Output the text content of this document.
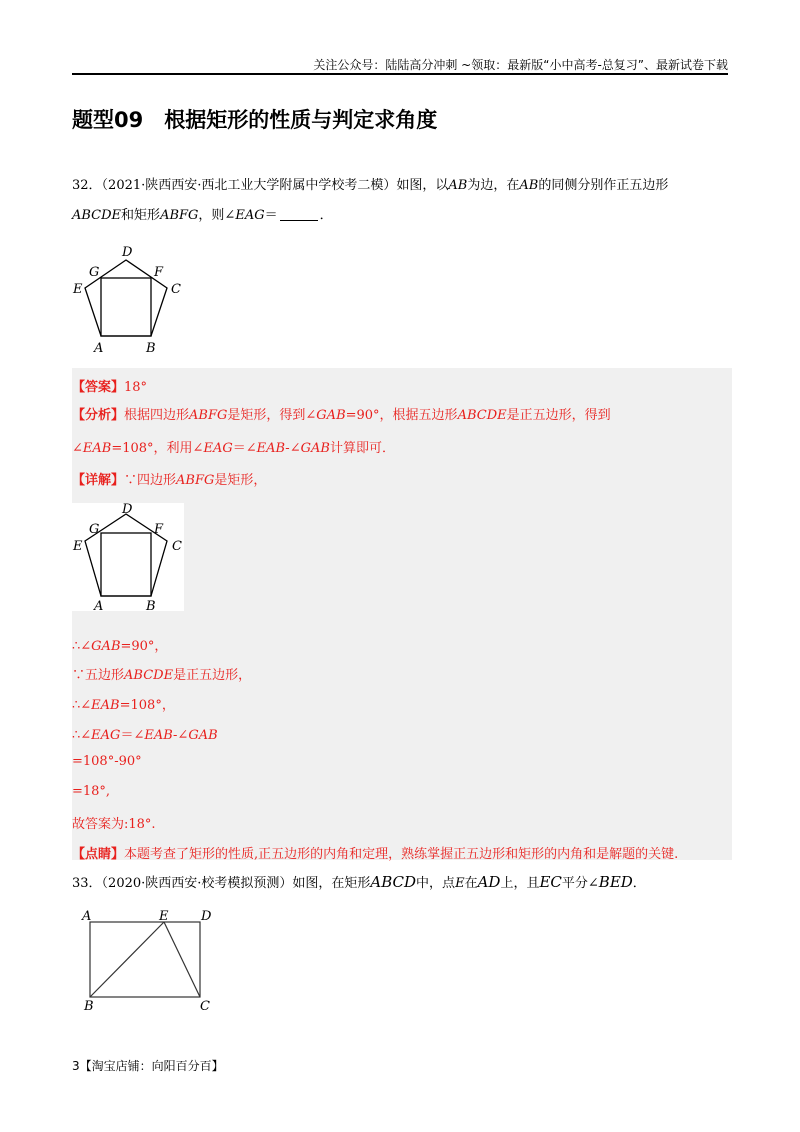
关注公众号：陆陆高分冲刺 ~领取：最新版“小中高考-总复习”、最新试卷下载
题型09　根据矩形的性质与判定求角度
32．（2021·陕西西安·西北工业大学附属中学校考二模）如图，以AB为边，在AB的同侧分别作正五边形
ABCDE和矩形ABFG，则∠EAG＝	．
D
G	F
E	C
A	B
【答案】18°
【分析】根据四边形ABFG是矩形，得到∠GAB=90°，根据五边形ABCDE是正五边形，得到
∠EAB=108°，利用∠EAG＝∠EAB-∠GAB计算即可．
【详解】∵四边形ABFG是矩形，
D
G	F
E	C
A	B
∴∠GAB=90°，
∵五边形ABCDE是正五边形，
∴∠EAB=108°，
∴∠EAG＝∠EAB-∠GAB
=108°-90°
=18°,
故答案为:18°.
【点睛】本题考查了矩形的性质,正五边形的内角和定理，熟练掌握正五边形和矩形的内角和是解题的关键.
33．（2020·陕西西安·校考模拟预测）如图，在矩形ABCD中，点E在AD上，且EC平分∠BED．
A	E	D
B	C
3【淘宝店铺：向阳百分百】
